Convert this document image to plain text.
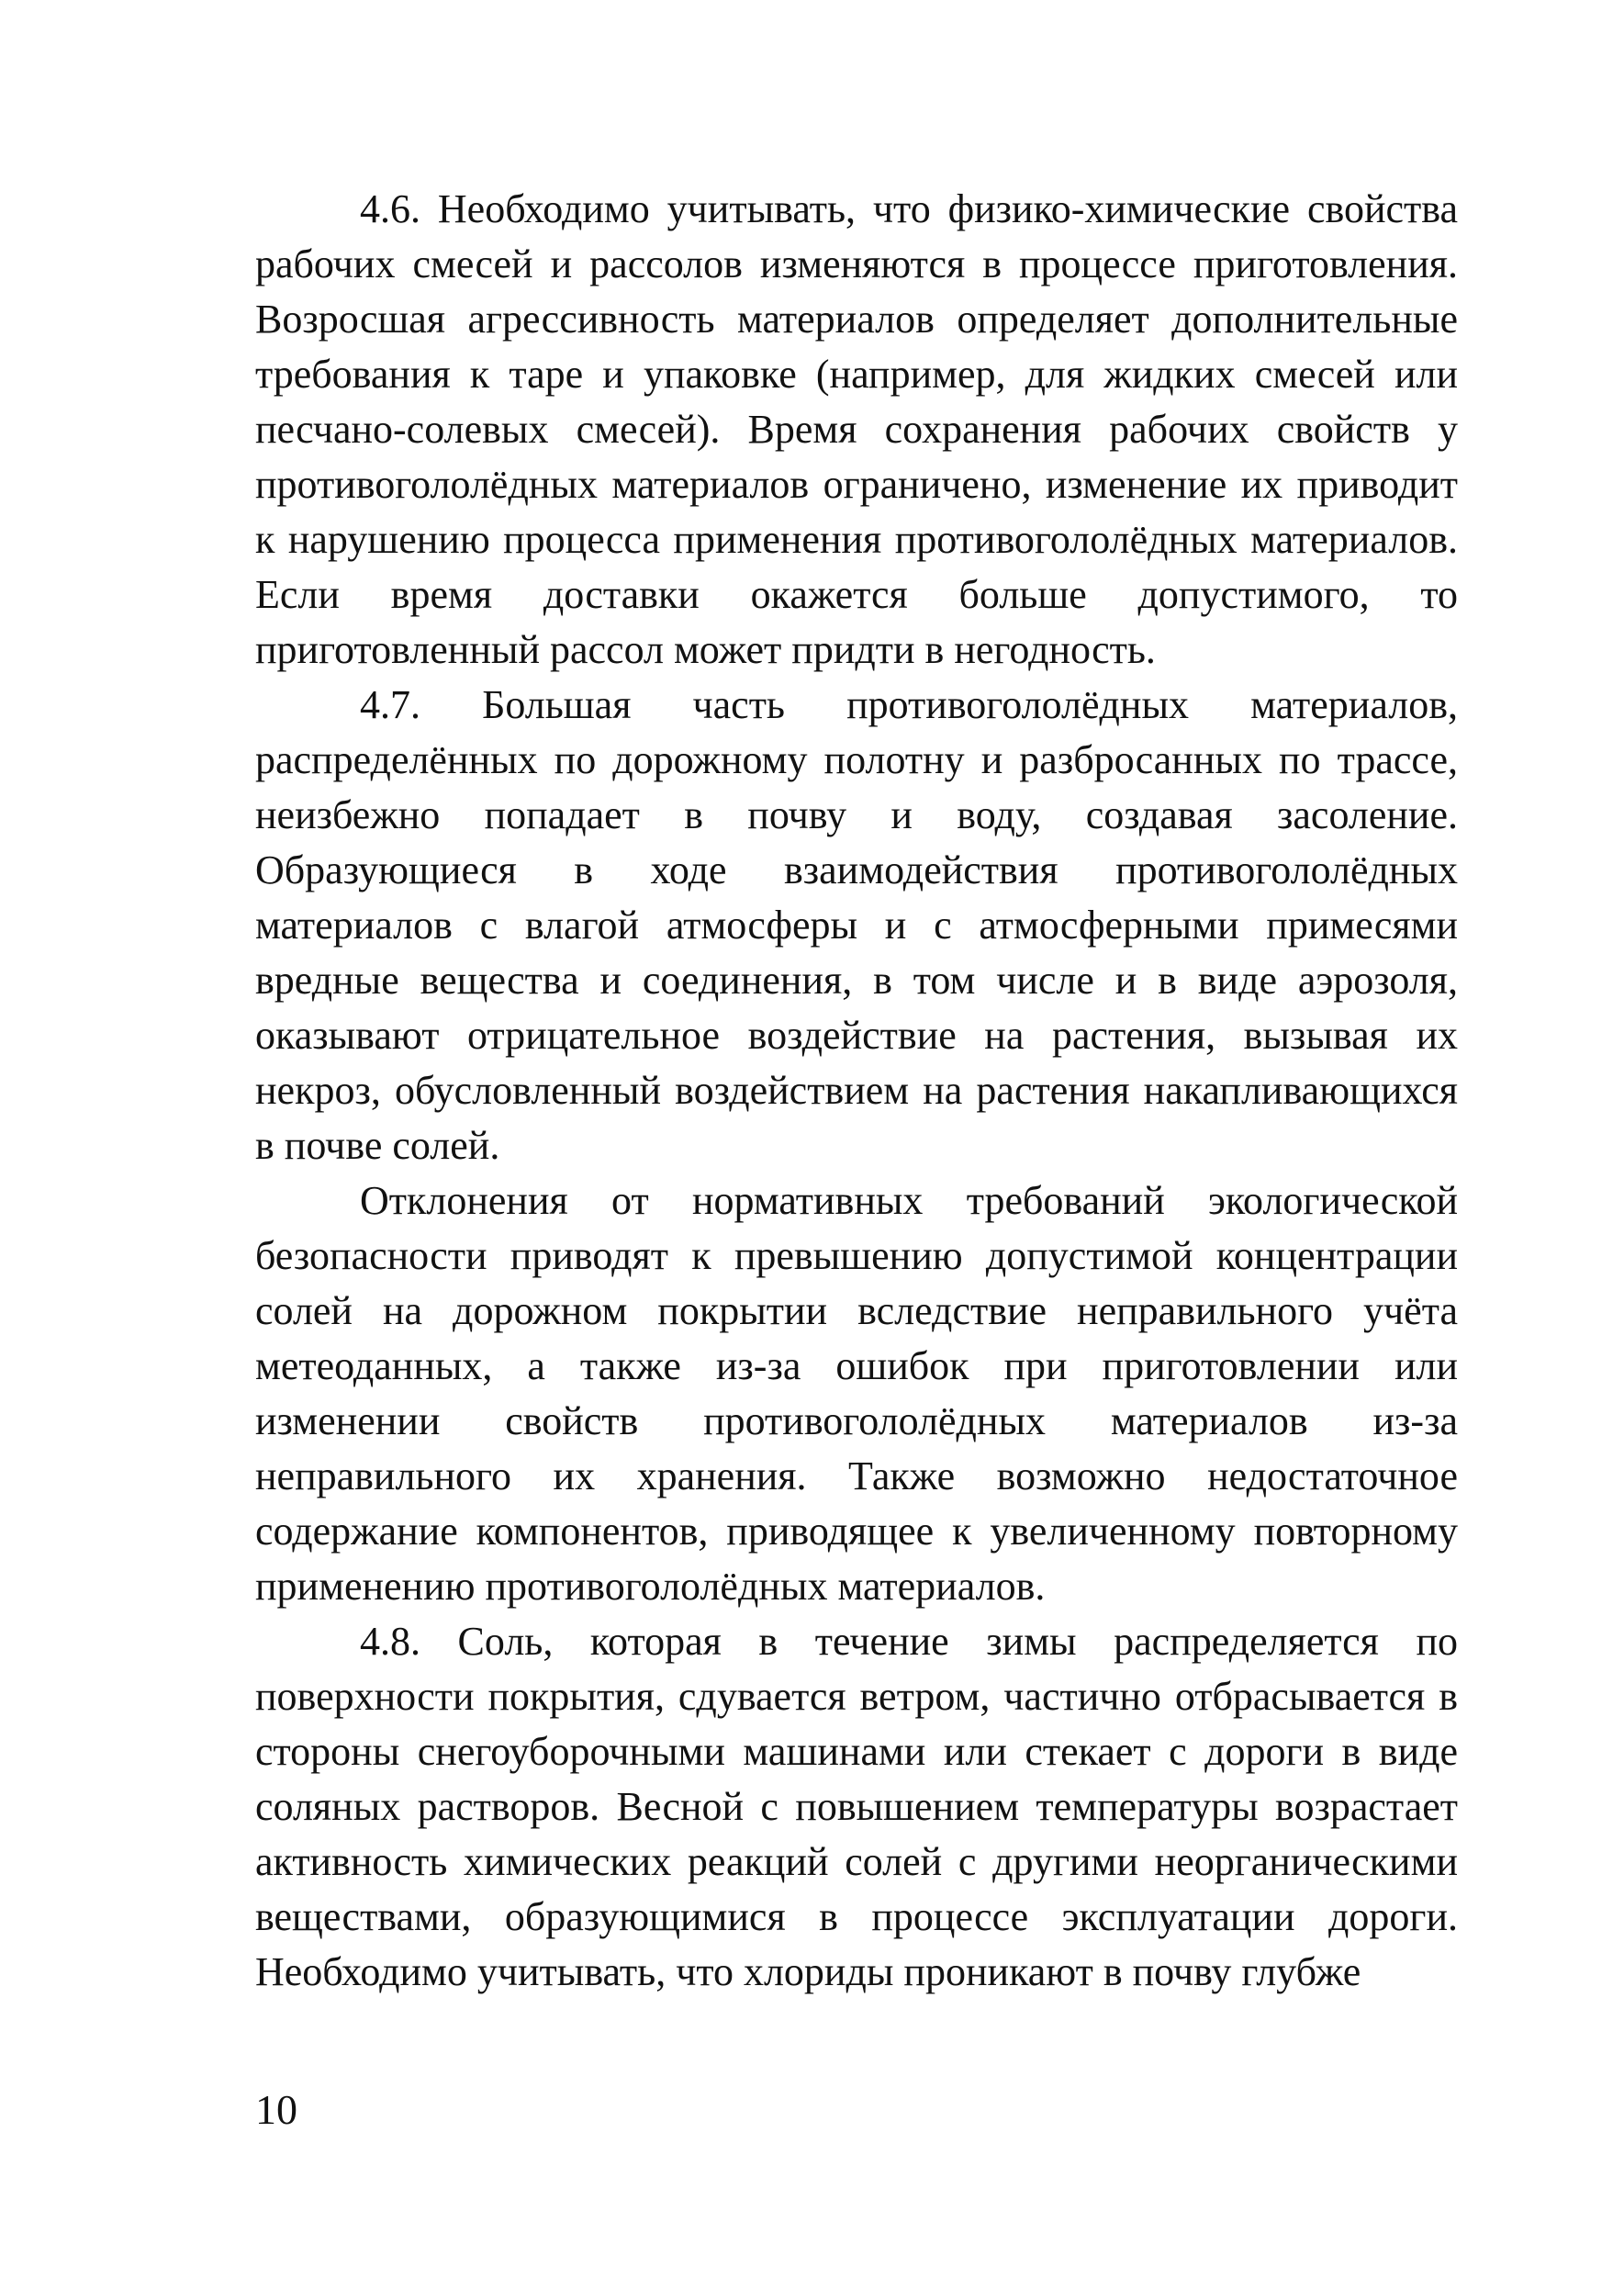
4.6. Необходимо учитывать, что физико-химические свойства рабочих смесей и рассолов изменяются в процессе приготовления. Возросшая агрессивность материалов определяет дополнительные требования к таре и упаковке (например, для жидких смесей или песчано-солевых смесей). Время сохранения рабочих свойств у противогололёдных материалов ограничено, изменение их приводит к нарушению процесса применения противогололёдных материалов. Если время доставки окажется больше допустимого, то приготовленный рассол может придти в негодность.

4.7. Большая часть противогололёдных материалов, распределённых по дорожному полотну и разбросанных по трассе, неизбежно попадает в почву и воду, создавая засоление. Образующиеся в ходе взаимодействия противогололёдных материалов с влагой атмосферы и с атмосферными примесями вредные вещества и соединения, в том числе и в виде аэрозоля, оказывают отрицательное воздействие на растения, вызывая их некроз, обусловленный воздействием на растения накапливающихся в почве солей.

Отклонения от нормативных требований экологической безопасности приводят к превышению допустимой концентрации солей на дорожном покрытии вследствие неправильного учёта метеоданных, а также из-за ошибок при приготовлении или изменении свойств противогололёдных материалов из-за неправильного их хранения. Также возможно недостаточное содержание компонентов, приводящее к увеличенному повторному применению противогололёдных материалов.

4.8. Соль, которая в течение зимы распределяется по поверхности покрытия, сдувается ветром, частично отбрасывается в стороны снегоуборочными машинами или стекает с дороги в виде соляных растворов. Весной с повышением температуры возрастает активность химических реакций солей с другими неорганическими веществами, образующимися в процессе эксплуатации дороги. Необходимо учитывать, что хлориды проникают в почву глубже

10
